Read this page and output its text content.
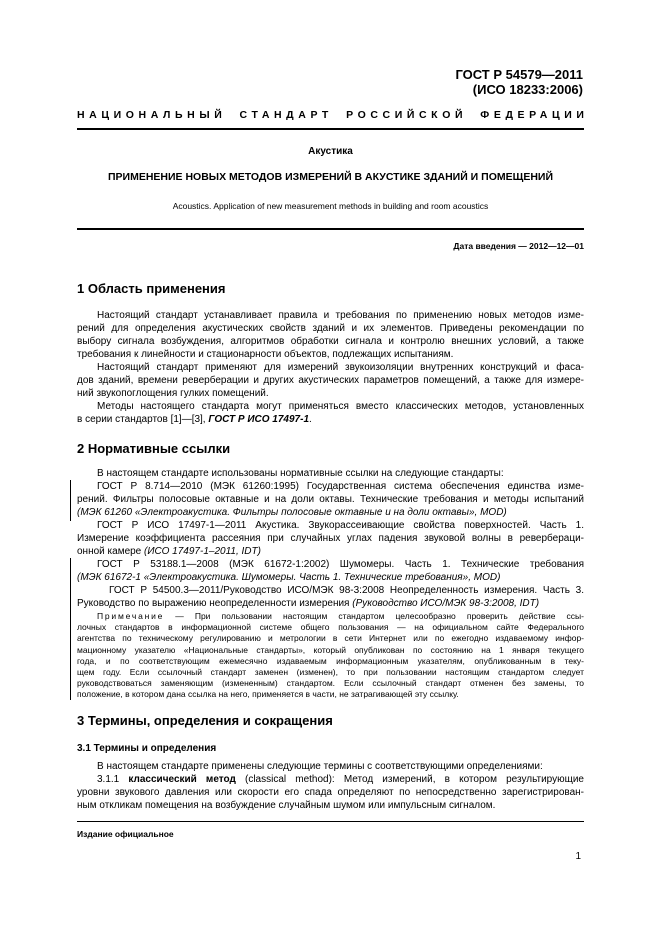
ГОСТ Р 54579—2011
(ИСО 18233:2006)
НАЦИОНАЛЬНЫЙ СТАНДАРТ РОССИЙСКОЙ ФЕДЕРАЦИИ
Акустика
ПРИМЕНЕНИЕ НОВЫХ МЕТОДОВ ИЗМЕРЕНИЙ В АКУСТИКЕ ЗДАНИЙ И ПОМЕЩЕНИЙ
Acoustics. Application of new measurement methods in building and room acoustics
Дата введения — 2012—12—01
1 Область применения
Настоящий стандарт устанавливает правила и требования по применению новых методов изме-
рений для определения акустических свойств зданий и их элементов. Приведены рекомендации по
выбору сигнала возбуждения, алгоритмов обработки сигнала и контролю внешних условий, а также
требования к линейности и стационарности объектов, подлежащих испытаниям.
Настоящий стандарт применяют для измерений звукоизоляции внутренних конструкций и фаса-
дов зданий, времени реверберации и других акустических параметров помещений, а также для измере-
ний звукопоглощения гулких помещений.
Методы настоящего стандарта могут применяться вместо классических методов, установленных
в серии стандартов [1]—[3], ГОСТ Р ИСО 17497-1.
2 Нормативные ссылки
В настоящем стандарте использованы нормативные ссылки на следующие стандарты:
ГОСТ Р 8.714—2010 (МЭК 61260:1995) Государственная система обеспечения единства изме-
рений. Фильтры полосовые октавные и на доли октавы. Технические требования и методы испытаний
(МЭК 61260 «Электроакустика. Фильтры полосовые октавные и на доли октавы», MOD)
ГОСТ Р ИСО 17497-1—2011 Акустика. Звукорассеивающие свойства поверхностей. Часть 1.
Измерение коэффициента рассеяния при случайных углах падения звуковой волны в ревербераци-
онной камере (ИСО 17497-1–2011, IDT)
ГОСТ Р 53188.1—2008 (МЭК 61672-1:2002) Шумомеры. Часть 1. Технические требования
(МЭК 61672-1 «Электроакустика. Шумомеры. Часть 1. Технические требования», MOD)
ГОСТ Р 54500.3—2011/Руководство ИСО/МЭК 98-3:2008 Неопределенность измерения. Часть 3.
Руководство по выражению неопределенности измерения (Руководство ИСО/МЭК 98-3:2008, IDT)
Примечание — При пользовании настоящим стандартом целесообразно проверить действие ссы-
лочных стандартов в информационной системе общего пользования — на официальном сайте Федерального
агентства по техническому регулированию и метрологии в сети Интернет или по ежегодно издаваемому инфор-
мационному указателю «Национальные стандарты», который опубликован по состоянию на 1 января текущего
года, и по соответствующим ежемесячно издаваемым информационным указателям, опубликованным в теку-
щем году. Если ссылочный стандарт заменен (изменен), то при пользовании настоящим стандартом следует
руководствоваться заменяющим (измененным) стандартом. Если ссылочный стандарт отменен без замены, то
положение, в котором дана ссылка на него, применяется в части, не затрагивающей эту ссылку.
3 Термины, определения и сокращения
3.1 Термины и определения
В настоящем стандарте применены следующие термины с соответствующими определениями:
3.1.1 классический метод (classical method): Метод измерений, в котором результирующие
уровни звукового давления или скорости его спада определяют по непосредственно зарегистрирован-
ным откликам помещения на возбуждение случайным шумом или импульсным сигналом.
Издание официальное
1
